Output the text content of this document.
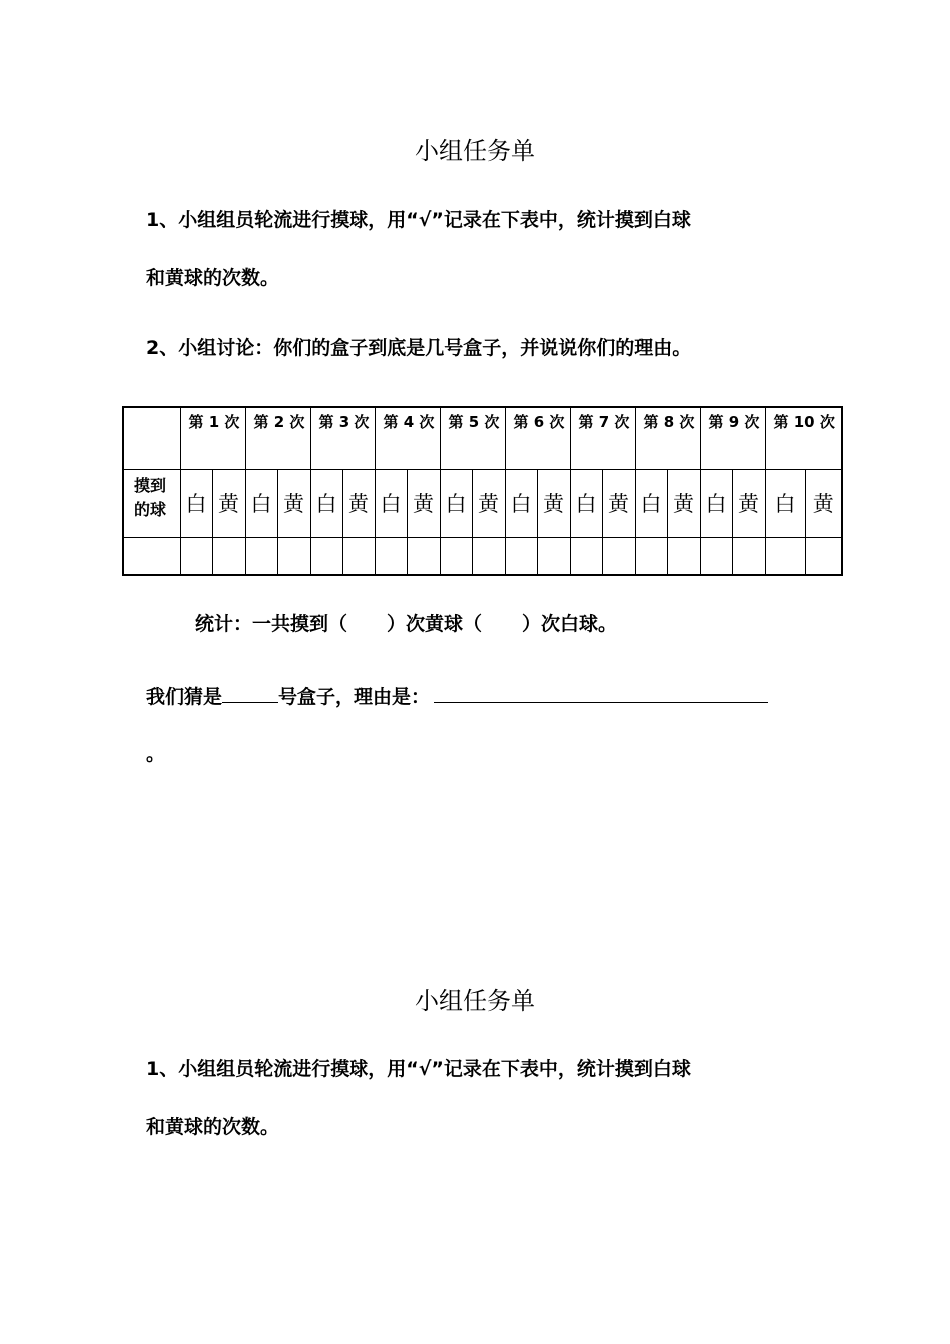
小组任务单
1、小组组员轮流进行摸球，用“√”记录在下表中，统计摸到白球
和黄球的次数。
2、小组讨论：你们的盒子到底是几号盒子，并说说你们的理由。
	第 1 次		第 2 次		第 3 次		第 4 次		第 5 次		第 6 次		第 7 次		第 8 次		第 9 次		第 10 次	
摸到的球	白	黄	白	黄	白	黄	白	黄	白	黄	白	黄	白	黄	白	黄	白	黄	白	黄

统计：一共摸到（ ）次黄球（ ）次白球。
我们猜是	号盒子，理由是：
。
小组任务单
1、小组组员轮流进行摸球，用“√”记录在下表中，统计摸到白球
和黄球的次数。
